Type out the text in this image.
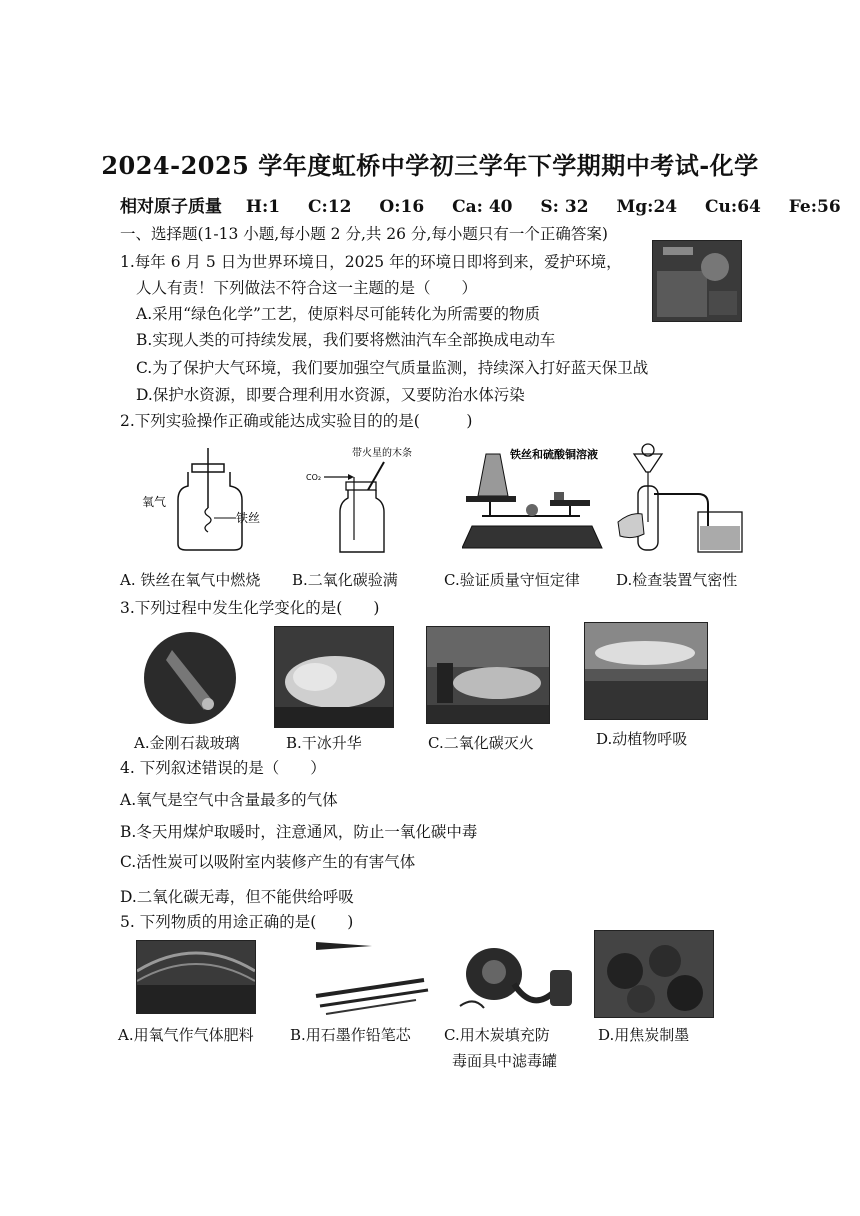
2024-2025 学年度虹桥中学初三学年下学期期中考试-化学
相对原子质量 H:1 C:12 O:16 Ca: 40 S: 32 Mg:24 Cu:64 Fe:56
一、选择题(1-13 小题,每小题 2 分,共 26 分,每小题只有一个正确答案)
1.每年 6 月 5 日为世界环境日，2025 年的环境日即将到来，爱护环境，
人人有责！下列做法不符合这一主题的是（　　）
A.采用“绿色化学”工艺，使原料尽可能转化为所需要的物质
B.实现人类的可持续发展，我们要将燃油汽车全部换成电动车
C.为了保护大气环境，我们要加强空气质量监测，持续深入打好蓝天保卫战
D.保护水资源，即要合理利用水资源，又要防治水体污染
2.下列实验操作正确或能达成实验目的的是(　　　)
氧气
铁丝
带火星的木条
CO₂
铁丝和硫酸铜溶液
A. 铁丝在氧气中燃烧 B.二氧化碳验满	C.验证质量守恒定律 D.检查装置气密性
3.下列过程中发生化学变化的是(　　)
A.金刚石裁玻璃	B.干冰升华	C.二氧化碳灭火	D.动植物呼吸
4. 下列叙述错误的是（　　）
A.氧气是空气中含量最多的气体
B.冬天用煤炉取暖时，注意通风，防止一氧化碳中毒
C.活性炭可以吸附室内装修产生的有害气体
D.二氧化碳无毒，但不能供给呼吸
5. 下列物质的用途正确的是(　　)
A.用氧气作气体肥料 B.用石墨作铅笔芯 C.用木炭填充防
毒面具中滤毒罐
D.用焦炭制墨
